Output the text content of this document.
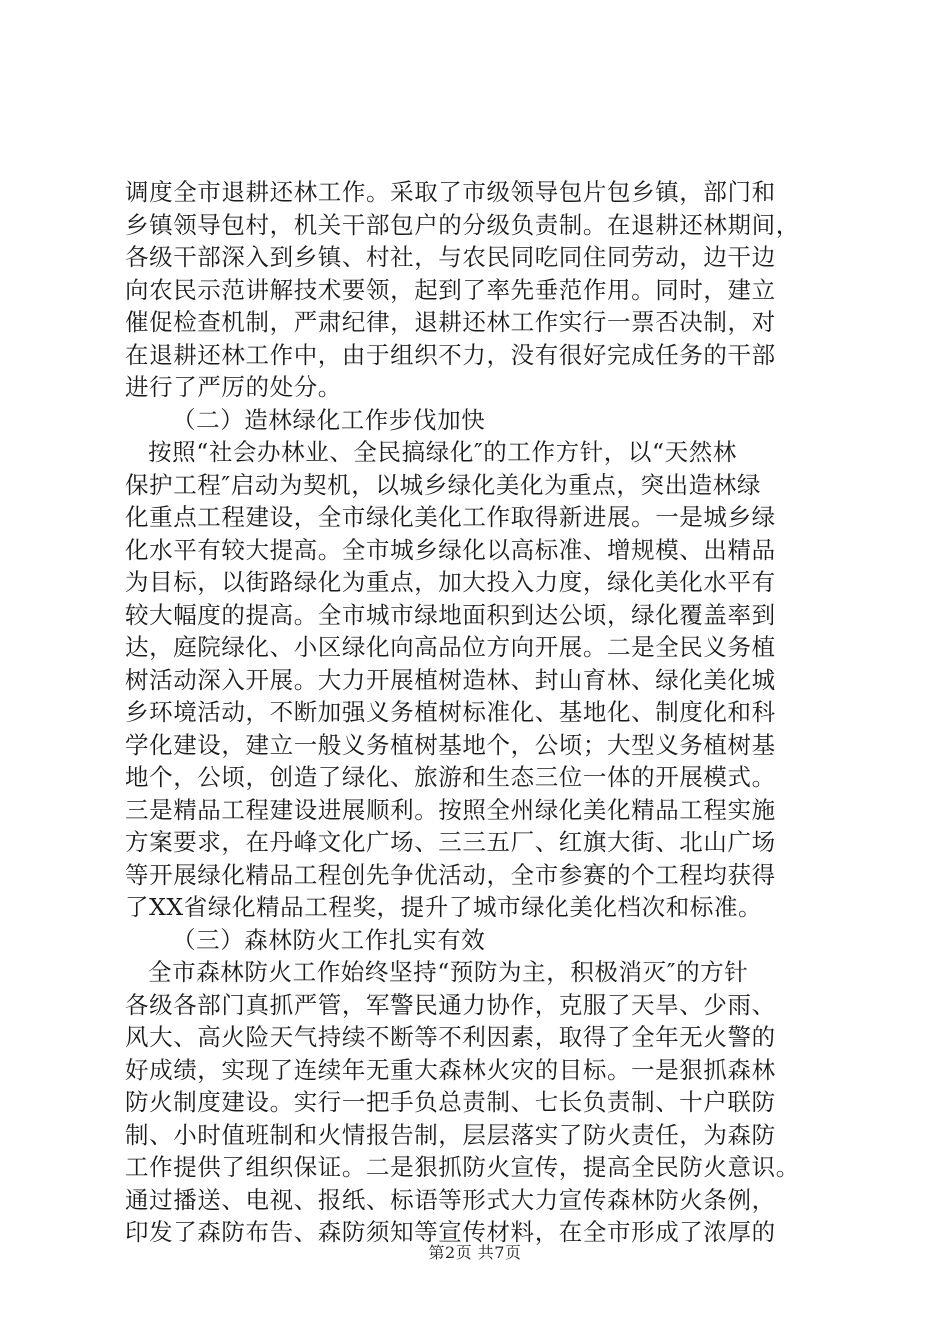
调度全市退耕还林工作。采取了市级领导包片包乡镇，部门和
乡镇领导包村，机关干部包户的分级负责制。在退耕还林期间，
各级干部深入到乡镇、村社，与农民同吃同住同劳动，边干边
向农民示范讲解技术要领，起到了率先垂范作用。同时，建立
催促检查机制，严肃纪律，退耕还林工作实行一票否决制，对
在退耕还林工作中，由于组织不力，没有很好完成任务的干部
进行了严厉的处分。
（二）造林绿化工作步伐加快
按照“社会办林业、全民搞绿化″的工作方针，以“天然林
保护工程″启动为契机，以城乡绿化美化为重点，突出造林绿
化重点工程建设，全市绿化美化工作取得新进展。一是城乡绿
化水平有较大提高。全市城乡绿化以高标准、增规模、出精品
为目标，以街路绿化为重点，加大投入力度，绿化美化水平有
较大幅度的提高。全市城市绿地面积到达公顷，绿化覆盖率到
达，庭院绿化、小区绿化向高品位方向开展。二是全民义务植
树活动深入开展。大力开展植树造林、封山育林、绿化美化城
乡环境活动，不断加强义务植树标准化、基地化、制度化和科
学化建设，建立一般义务植树基地个，公顷；大型义务植树基
地个，公顷，创造了绿化、旅游和生态三位一体的开展模式。
三是精品工程建设进展顺利。按照全州绿化美化精品工程实施
方案要求，在丹峰文化广场、三三五厂、红旗大街、北山广场
等开展绿化精品工程创先争优活动，全市参赛的个工程均获得
了XX省绿化精品工程奖，提升了城市绿化美化档次和标准。
（三）森林防火工作扎实有效
全市森林防火工作始终坚持“预防为主，积极消灭″的方针
各级各部门真抓严管，军警民通力协作，克服了天旱、少雨、
风大、高火险天气持续不断等不利因素，取得了全年无火警的
好成绩，实现了连续年无重大森林火灾的目标。一是狠抓森林
防火制度建设。实行一把手负总责制、七长负责制、十户联防
制、小时值班制和火情报告制，层层落实了防火责任，为森防
工作提供了组织保证。二是狠抓防火宣传，提高全民防火意识。
通过播送、电视、报纸、标语等形式大力宣传森林防火条例，
印发了森防布告、森防须知等宣传材料，在全市形成了浓厚的
第2页 共7页
